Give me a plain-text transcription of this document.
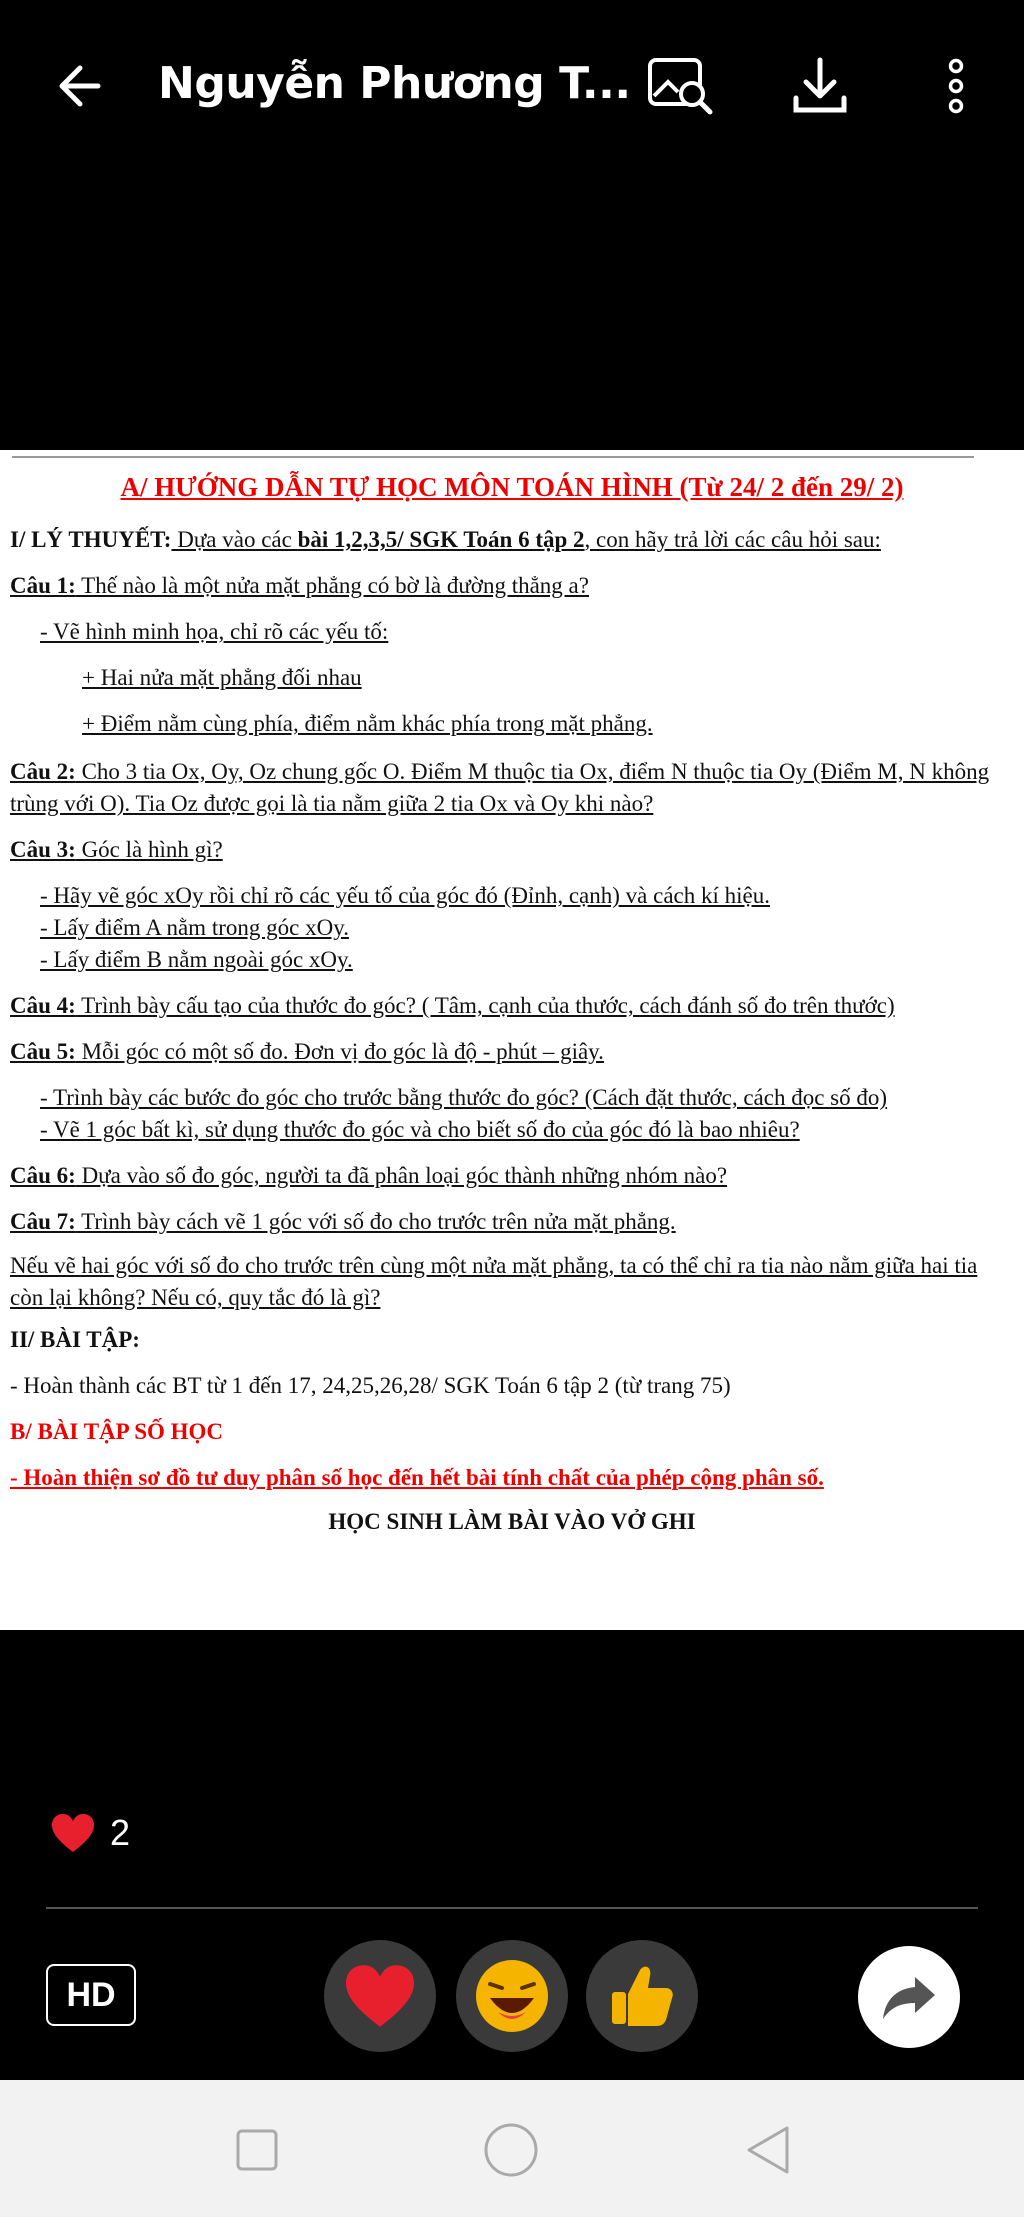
Nguyễn Phương T...
A/ HƯỚNG DẪN TỰ HỌC MÔN TOÁN HÌNH (Từ 24/ 2 đến 29/ 2)
I/ LÝ THUYẾT: Dựa vào các bài 1,2,3,5/ SGK Toán 6 tập 2, con hãy trả lời các câu hỏi sau:
Câu 1: Thế nào là một nửa mặt phẳng có bờ là đường thẳng a?
- Vẽ hình minh họa, chỉ rõ các yếu tố:
+ Hai nửa mặt phẳng đối nhau
+ Điểm nằm cùng phía, điểm nằm khác phía trong mặt phẳng.
Câu 2: Cho 3 tia Ox, Oy, Oz chung gốc O. Điểm M thuộc tia Ox, điểm N thuộc tia Oy (Điểm M, N không trùng với O). Tia Oz được gọi là tia nằm giữa 2 tia Ox và Oy khi nào?
Câu 3: Góc là hình gì?
- Hãy vẽ góc xOy rồi chỉ rõ các yếu tố của góc đó (Đỉnh, cạnh) và cách kí hiệu.
- Lấy điểm A nằm trong góc xOy.
- Lấy điểm B nằm ngoài góc xOy.
Câu 4: Trình bày cấu tạo của thước đo góc? ( Tâm, cạnh của thước, cách đánh số đo trên thước)
Câu 5: Mỗi góc có một số đo. Đơn vị đo góc là độ - phút – giây.
- Trình bày các bước đo góc cho trước bằng thước đo góc? (Cách đặt thước, cách đọc số đo)
- Vẽ 1 góc bất kì, sử dụng thước đo góc và cho biết số đo của góc đó là bao nhiêu?
Câu 6: Dựa vào số đo góc, người ta đã phân loại góc thành những nhóm nào?
Câu 7: Trình bày cách vẽ 1 góc với số đo cho trước trên nửa mặt phẳng.
Nếu vẽ hai góc với số đo cho trước trên cùng một nửa mặt phẳng, ta có thể chỉ ra tia nào nằm giữa hai tia còn lại không? Nếu có, quy tắc đó là gì?
II/ BÀI TẬP:
- Hoàn thành các BT từ 1 đến 17, 24,25,26,28/ SGK Toán 6 tập 2 (từ trang 75)
B/ BÀI TẬP SỐ HỌC
- Hoàn thiện sơ đồ tư duy phân số học đến hết bài tính chất của phép cộng phân số.
HỌC SINH LÀM BÀI VÀO VỞ GHI
2
HD
